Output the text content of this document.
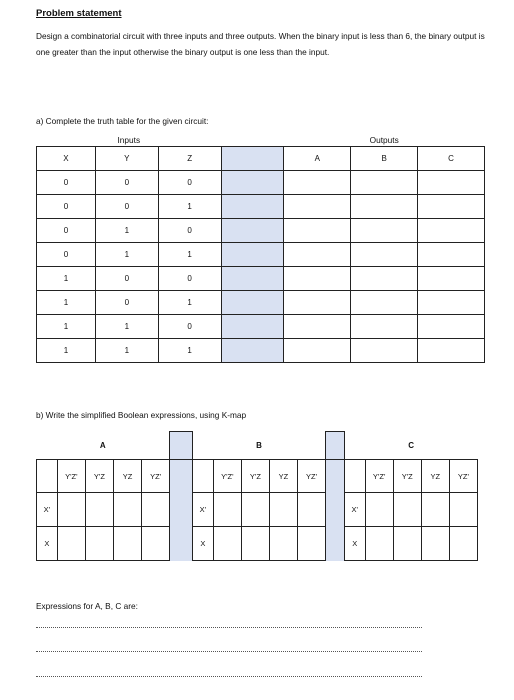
Problem statement
Design a combinatorial circuit with three inputs and three outputs. When the binary input is less than 6, the binary output is one greater than the input otherwise the binary output is one less than the input.
a) Complete the truth table for the given circuit:
Inputs				Outputs		
X	Y	Z		A	B	C
0	0	0				
0	0	1				
0	1	0				
0	1	1				
1	0	0				
1	0	1				
1	1	0				
1	1	1				
b) Write the simplified Boolean expressions, using K-map
A						B						C				
	Y'Z'	Y'Z	YZ	YZ'			Y'Z'	Y'Z	YZ	YZ'			Y'Z'	Y'Z	YZ	YZ'
X'						X'						X'				
X						X						X				
Expressions for A, B, C are:
